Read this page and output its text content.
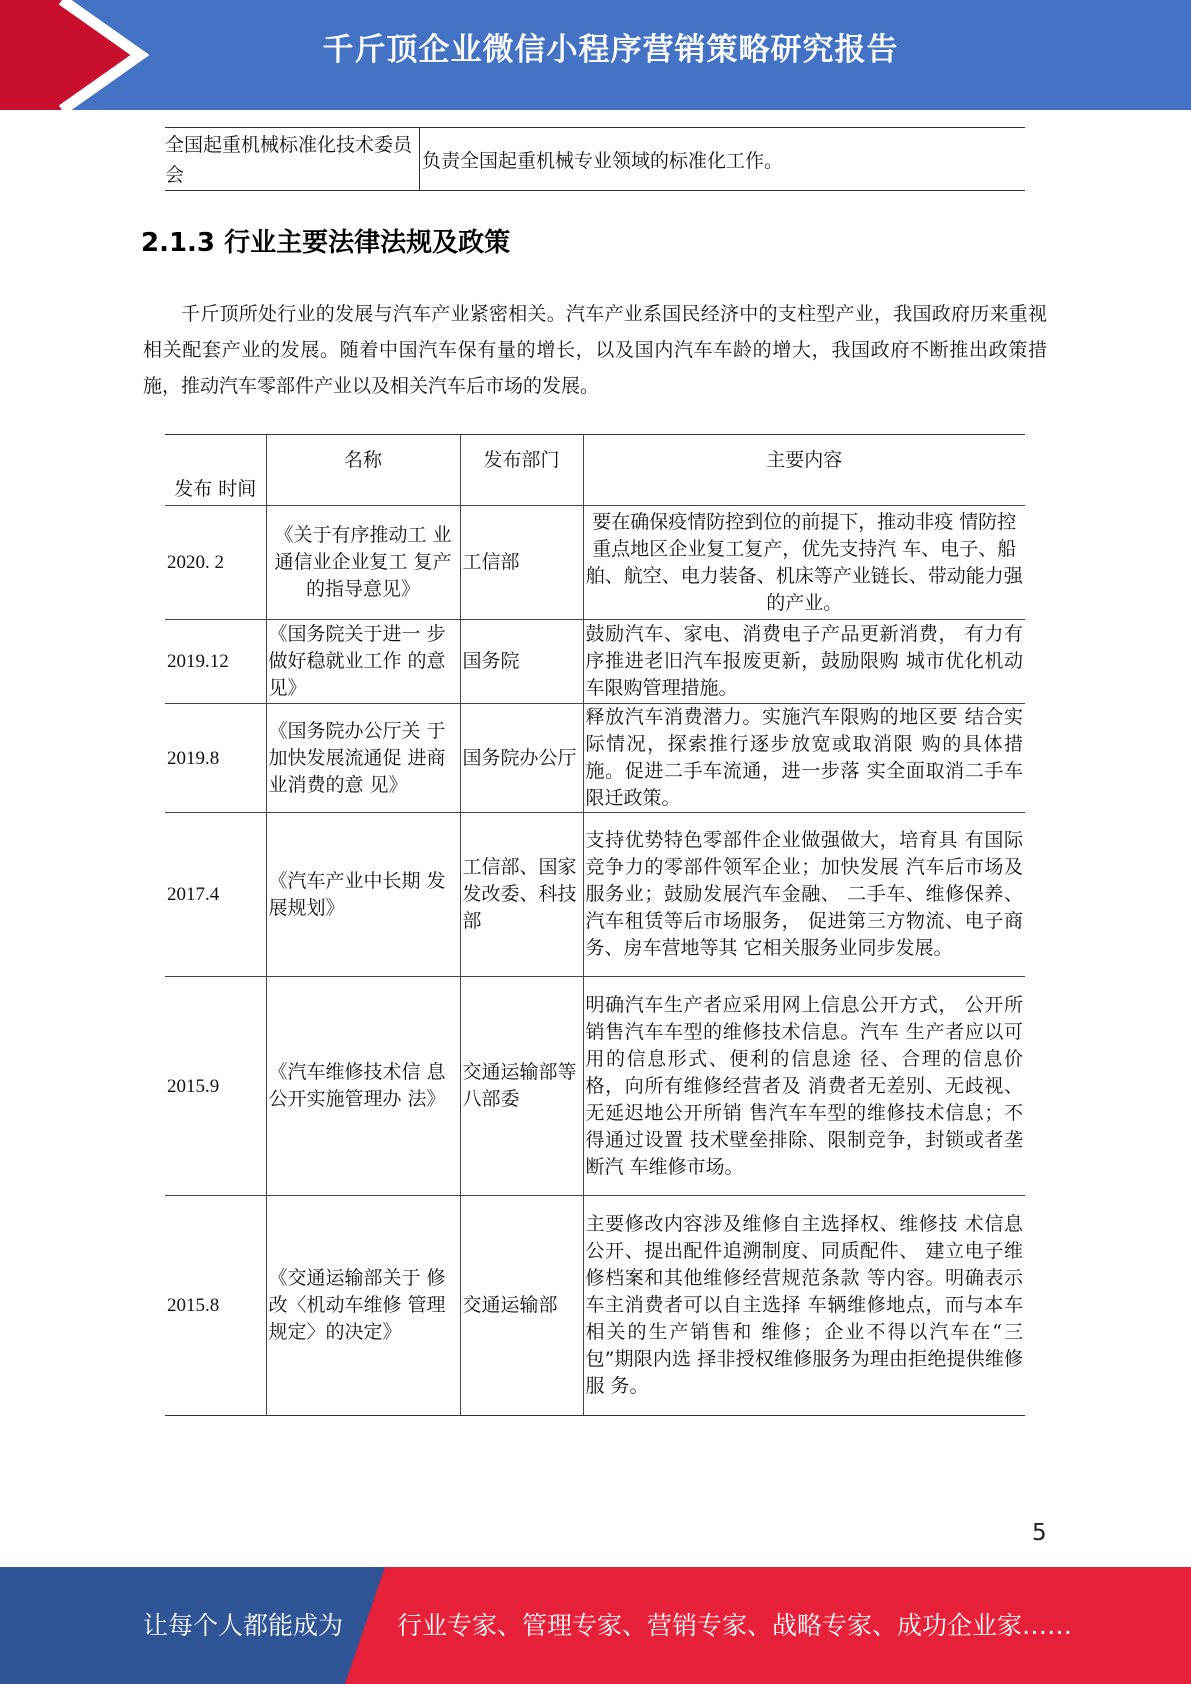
千斤顶企业微信小程序营销策略研究报告
全国起重机械标准化技术委员会	负责全国起重机械专业领域的标准化工作。
2.1.3 行业主要法律法规及政策

千斤顶所处行业的发展与汽车产业紧密相关。汽车产业系国民经济中的支柱型产业，我国政府历来重视相关配套产业的发展。随着中国汽车保有量的增长，以及国内汽车车龄的增大，我国政府不断推出政策措施，推动汽车零部件产业以及相关汽车后市场的发展。

发布 时间	名称	发布部门	主要内容
2020. 2	《关于有序推动工 业通信业企业复工 复产的指导意见》	工信部	要在确保疫情防控到位的前提下，推动非疫 情防控重点地区企业复工复产，优先支持汽 车、电子、船舶、航空、电力装备、机床等产业链长、带动能力强的产业。
2019.12	《国务院关于进一 步做好稳就业工作 的意见》	国务院	鼓励汽车、家电、消费电子产品更新消费， 有力有序推进老旧汽车报废更新，鼓励限购 城市优化机动车限购管理措施。
2019.8	《国务院办公厅关 于加快发展流通促 进商业消费的意 见》	国务院办公厅	释放汽车消费潜力。实施汽车限购的地区要 结合实际情况，探索推行逐步放宽或取消限 购的具体措施。促进二手车流通，进一步落 实全面取消二手车限迁政策。
2017.4	《汽车产业中长期 发展规划》	工信部、国家发改委、科技部	支持优势特色零部件企业做强做大，培育具 有国际竞争力的零部件领军企业；加快发展 汽车后市场及服务业；鼓励发展汽车金融、 二手车、维修保养、汽车租赁等后市场服务， 促进第三方物流、电子商务、房车营地等其 它相关服务业同步发展。
2015.9	《汽车维修技术信 息公开实施管理办 法》	交通运输部等八部委	明确汽车生产者应采用网上信息公开方式， 公开所销售汽车车型的维修技术信息。汽车 生产者应以可用的信息形式、便利的信息途 径、合理的信息价格，向所有维修经营者及 消费者无差别、无歧视、无延迟地公开所销 售汽车车型的维修技术信息；不得通过设置 技术壁垒排除、限制竞争，封锁或者垄断汽 车维修市场。
2015.8	《交通运输部关于 修改〈机动车维修 管理规定〉的决定》	交通运输部	主要修改内容涉及维修自主选择权、维修技 术信息公开、提出配件追溯制度、同质配件、 建立电子维修档案和其他维修经营规范条款 等内容。明确表示车主消费者可以自主选择 车辆维修地点，而与本车相关的生产销售和 维修；企业不得以汽车在“三包”期限内选 择非授权维修服务为理由拒绝提供维修服 务。
5
让每个人都能成为 行业专家、管理专家、营销专家、战略专家、成功企业家……
